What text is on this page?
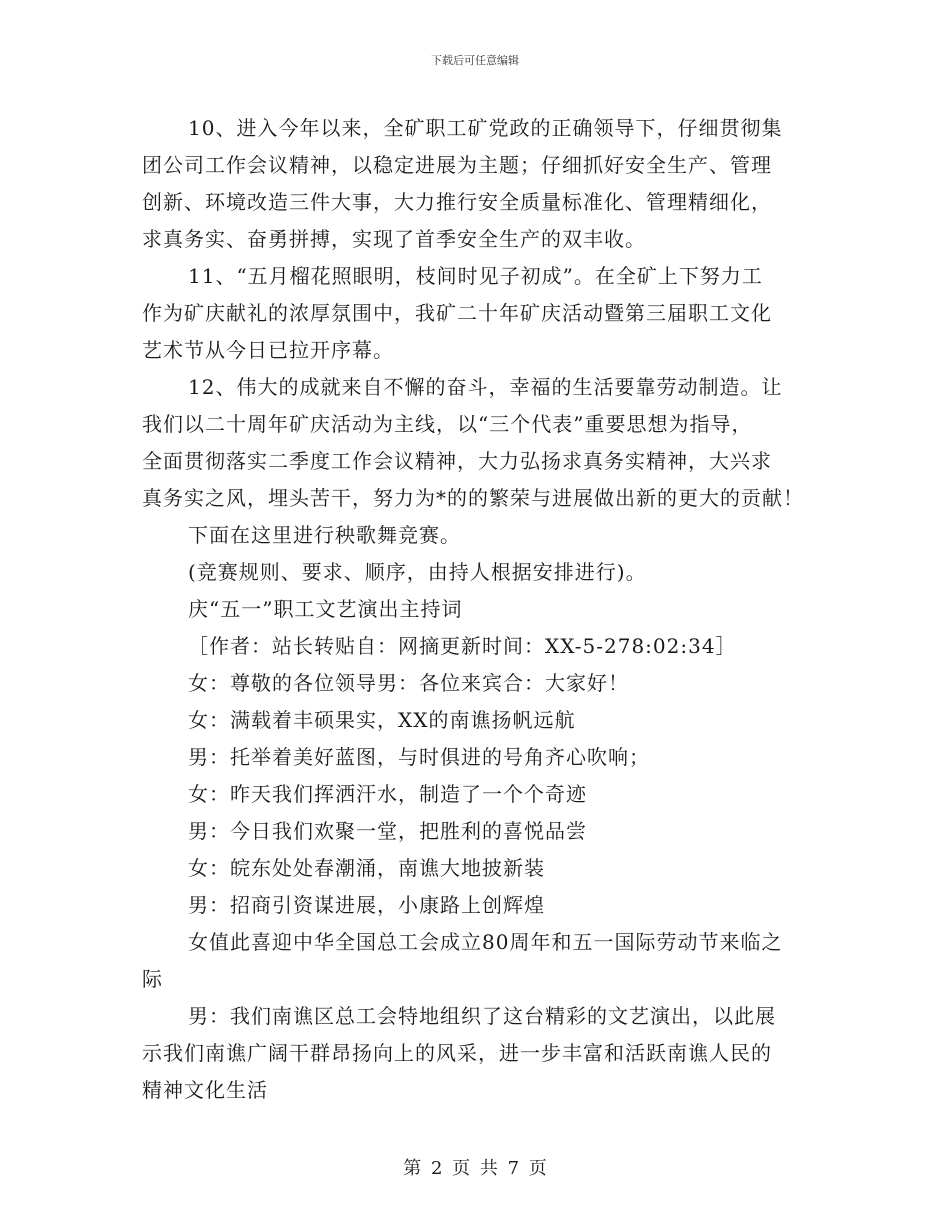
下载后可任意编辑

10、进入今年以来，全矿职工矿党政的正确领导下，仔细贯彻集

团公司工作会议精神，以稳定进展为主题；仔细抓好安全生产、管理

创新、环境改造三件大事，大力推行安全质量标准化、管理精细化，

求真务实、奋勇拼搏，实现了首季安全生产的双丰收。

11、“五月榴花照眼明，枝间时见子初成”。在全矿上下努力工

作为矿庆献礼的浓厚氛围中，我矿二十年矿庆活动暨第三届职工文化

艺术节从今日已拉开序幕。

12、伟大的成就来自不懈的奋斗，幸福的生活要靠劳动制造。让

我们以二十周年矿庆活动为主线，以“三个代表”重要思想为指导，

全面贯彻落实二季度工作会议精神，大力弘扬求真务实精神，大兴求

真务实之风，埋头苦干，努力为*的的繁荣与进展做出新的更大的贡献！

下面在这里进行秧歌舞竞赛。

(竞赛规则、要求、顺序，由持人根据安排进行)。

庆“五一”职工文艺演出主持词

［作者：站长转贴自：网摘更新时间：XX-5-278:02:34］

女：尊敬的各位领导男：各位来宾合：大家好！

女：满载着丰硕果实，XX的南谯扬帆远航

男：托举着美好蓝图，与时俱进的号角齐心吹响；

女：昨天我们挥洒汗水，制造了一个个奇迹

男：今日我们欢聚一堂，把胜利的喜悦品尝

女：皖东处处春潮涌，南谯大地披新装

男：招商引资谋进展，小康路上创辉煌

女值此喜迎中华全国总工会成立80周年和五一国际劳动节来临之

际

男：我们南谯区总工会特地组织了这台精彩的文艺演出，以此展

示我们南谯广阔干群昂扬向上的风采，进一步丰富和活跃南谯人民的

精神文化生活

第 2 页 共 7 页
